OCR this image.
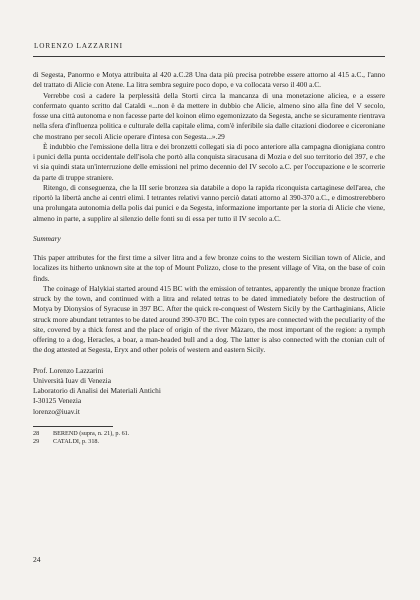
LORENZO LAZZARINI

di Segesta, Panormo e Motya attribuita al 420 a.C.28 Una data più precisa potrebbe essere attorno al 415 a.C., l'anno del trattato di Alicie con Atene. La litra sembra seguire poco dopo, e va collocata verso il 400 a.C.

Verrebbe così a cadere la perplessità della Storti circa la mancanza di una monetazione aliciea, e a essere confermato quanto scritto dal Cataldi «...non è da mettere in dubbio che Alicie, almeno sino alla fine del V secolo, fosse una città autonoma e non facesse parte del koinon elimo egemonizzato da Segesta, anche se sicuramente rientrava nella sfera d'influenza politica e culturale della capitale elima, com'è inferibile sia dalle citazioni diodoree e ciceroniane che mostrano per secoli Alicie operare d'intesa con Segesta...».29

È indubbio che l'emissione della litra e dei bronzetti collegati sia di poco anteriore alla campagna dionigiana contro i punici della punta occidentale dell'isola che portò alla conquista siracusana di Mozia e del suo territorio del 397, e che vi sia quindi stata un'interruzione delle emissioni nel primo decennio del IV secolo a.C. per l'occupazione e le scorrerie da parte di truppe straniere.

Ritengo, di conseguenza, che la III serie bronzea sia databile a dopo la rapida riconquista cartaginese dell'area, che riportò la libertà anche ai centri elimi. I tetrantes relativi vanno perciò datati attorno al 390-370 a.C., e dimostrerebbero una prolungata autonomia della polis dai punici e da Segesta, informazione importante per la storia di Alicie che viene, almeno in parte, a supplire al silenzio delle fonti su di essa per tutto il IV secolo a.C.

Summary

This paper attributes for the first time a silver litra and a few bronze coins to the western Sicilian town of Alicie, and localizes its hitherto unknown site at the top of Mount Polizzo, close to the present village of Vita, on the base of coin finds.

The coinage of Halykiai started around 415 BC with the emission of tetrantes, apparently the unique bronze fraction struck by the town, and continued with a litra and related tetras to be dated immediately before the destruction of Motya by Dionysios of Syracuse in 397 BC. After the quick re-conquest of Western Sicily by the Carthaginians, Alicie struck more abundant tetrantes to be dated around 390-370 BC. The coin types are connected with the peculiarity of the site, covered by a thick forest and the place of origin of the river Màzaro, the most important of the region: a nymph offering to a dog, Heracles, a boar, a man-headed bull and a dog. The latter is also connected with the ctonian cult of the dog attested at Segesta, Eryx and other poleis of western and eastern Sicily.

Prof. Lorenzo Lazzarini

Università Iuav di Venezia

Laboratorio di Analisi dei Materiali Antichi

I-30125 Venezia

lorenzo@iuav.it

28	BEREND (supra, n. 21), p. 61.
29	CATALDI, p. 318.
24
